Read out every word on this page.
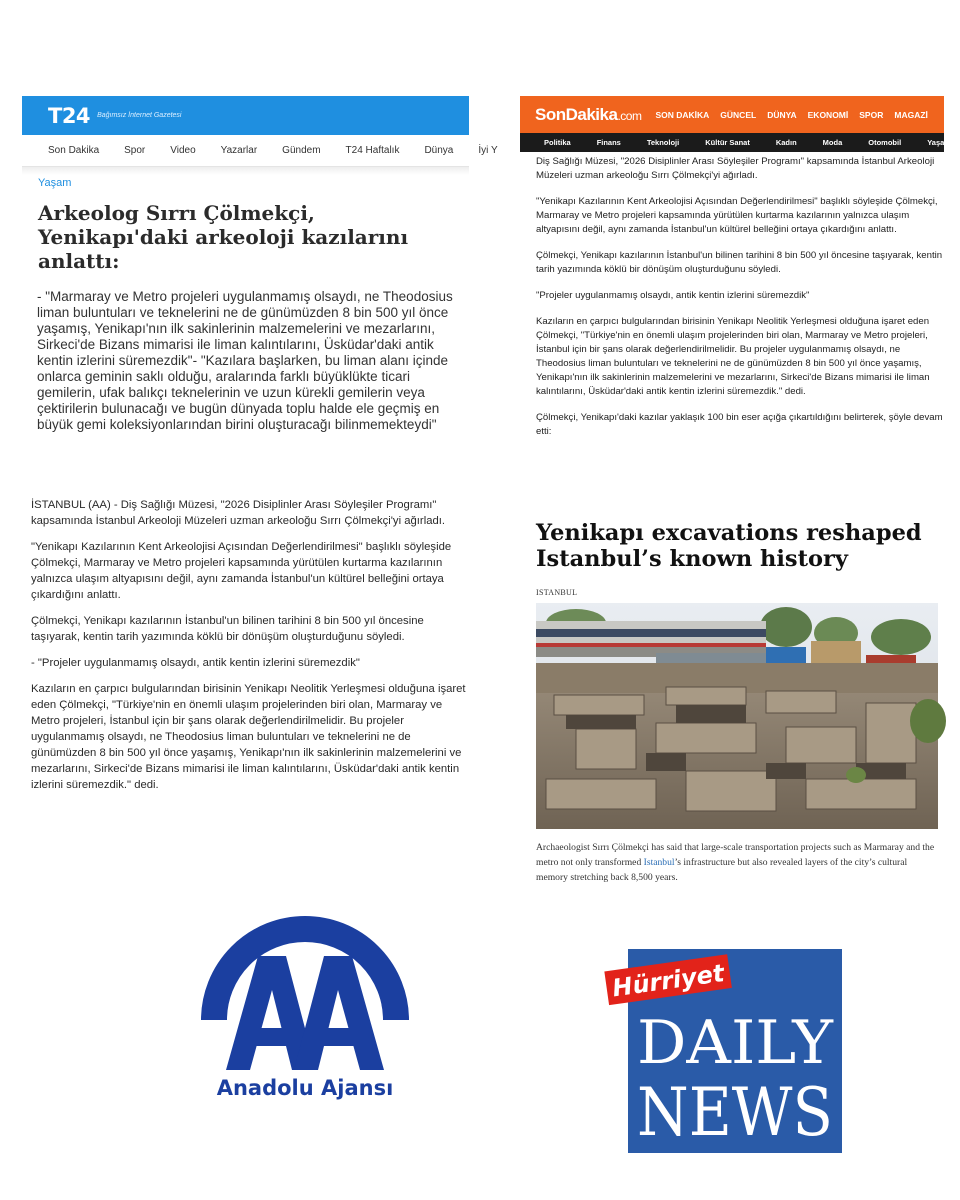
T24 Bağımsız İnternet Gazetesi
Son Dakika	Spor	Video	Yazarlar	Gündem	T24 Haftalık	Dünya	İyi Y
Yaşam
Arkeolog Sırrı Çölmekçi, Yenikapı'daki arkeoloji kazılarını anlattı:

- "Marmaray ve Metro projeleri uygulanmamış olsaydı, ne Theodosius liman buluntuları ve teknelerini ne de günümüzden 8 bin 500 yıl önce yaşamış, Yenikapı'nın ilk sakinlerinin malzemelerini ve mezarlarını, Sirkeci'de Bizans mimarisi ile liman kalıntılarını, Üsküdar'daki antik kentin izlerini süremezdik"- "Kazılara başlarken, bu liman alanı içinde onlarca geminin saklı olduğu, aralarında farklı büyüklükte ticari gemilerin, ufak balıkçı teknelerinin ve uzun kürekli gemilerin veya çektirilerin bulunacağı ve bugün dünyada toplu halde ele geçmiş en büyük gemi koleksiyonlarından birini oluşturacağı bilinmemekteydi"

İSTANBUL (AA) - Diş Sağlığı Müzesi, "2026 Disiplinler Arası Söyleşiler Programı" kapsamında İstanbul Arkeoloji Müzeleri uzman arkeoloğu Sırrı Çölmekçi'yi ağırladı.

"Yenikapı Kazılarının Kent Arkeolojisi Açısından Değerlendirilmesi" başlıklı söyleşide Çölmekçi, Marmaray ve Metro projeleri kapsamında yürütülen kurtarma kazılarının yalnızca ulaşım altyapısını değil, aynı zamanda İstanbul'un kültürel belleğini ortaya çıkardığını anlattı.

Çölmekçi, Yenikapı kazılarının İstanbul'un bilinen tarihini 8 bin 500 yıl öncesine taşıyarak, kentin tarih yazımında köklü bir dönüşüm oluşturduğunu söyledi.

- "Projeler uygulanmamış olsaydı, antik kentin izlerini süremezdik"

Kazıların en çarpıcı bulgularından birisinin Yenikapı Neolitik Yerleşmesi olduğuna işaret eden Çölmekçi, "Türkiye'nin en önemli ulaşım projelerinden biri olan, Marmaray ve Metro projeleri, İstanbul için bir şans olarak değerlendirilmelidir. Bu projeler uygulanmamış olsaydı, ne Theodosius liman buluntuları ve teknelerini ne de günümüzden 8 bin 500 yıl önce yaşamış, Yenikapı'nın ilk sakinlerinin malzemelerini ve mezarlarını, Sirkeci'de Bizans mimarisi ile liman kalıntılarını, Üsküdar'daki antik kentin izlerini süremezdik." dedi.

SonDakika.com SON DAKİKA GÜNCEL DÜNYA EKONOMİ SPOR MAGAZİ
Politika	Finans	Teknoloji	Kültür Sanat	Kadın	Moda	Otomobil	Yaşam

Diş Sağlığı Müzesi, "2026 Disiplinler Arası Söyleşiler Programı" kapsamında İstanbul Arkeoloji Müzeleri uzman arkeoloğu Sırrı Çölmekçi'yi ağırladı.

"Yenikapı Kazılarının Kent Arkeolojisi Açısından Değerlendirilmesi" başlıklı söyleşide Çölmekçi, Marmaray ve Metro projeleri kapsamında yürütülen kurtarma kazılarının yalnızca ulaşım altyapısını değil, aynı zamanda İstanbul'un kültürel belleğini ortaya çıkardığını anlattı.

Çölmekçi, Yenikapı kazılarının İstanbul'un bilinen tarihini 8 bin 500 yıl öncesine taşıyarak, kentin tarih yazımında köklü bir dönüşüm oluşturduğunu söyledi.

"Projeler uygulanmamış olsaydı, antik kentin izlerini süremezdik"

Kazıların en çarpıcı bulgularından birisinin Yenikapı Neolitik Yerleşmesi olduğuna işaret eden Çölmekçi, "Türkiye'nin en önemli ulaşım projelerinden biri olan, Marmaray ve Metro projeleri, İstanbul için bir şans olarak değerlendirilmelidir. Bu projeler uygulanmamış olsaydı, ne Theodosius liman buluntuları ve teknelerini ne de günümüzden 8 bin 500 yıl önce yaşamış, Yenikapı'nın ilk sakinlerinin malzemelerini ve mezarlarını, Sirkeci'de Bizans mimarisi ile liman kalıntılarını, Üsküdar'daki antik kentin izlerini süremezdik." dedi.

Çölmekçi, Yenikapı'daki kazılar yaklaşık 100 bin eser açığa çıkartıldığını belirterek, şöyle devam etti:

Yenikapı excavations reshaped Istanbul’s known history
ISTANBUL

Archaeologist Sırrı Çölmekçi has said that large-scale transportation projects such as Marmaray and the metro not only transformed Istanbul’s infrastructure but also revealed layers of the city’s cultural memory stretching back 8,500 years.

Anadolu Ajansı
Hürriyet
DAILY
NEWS
